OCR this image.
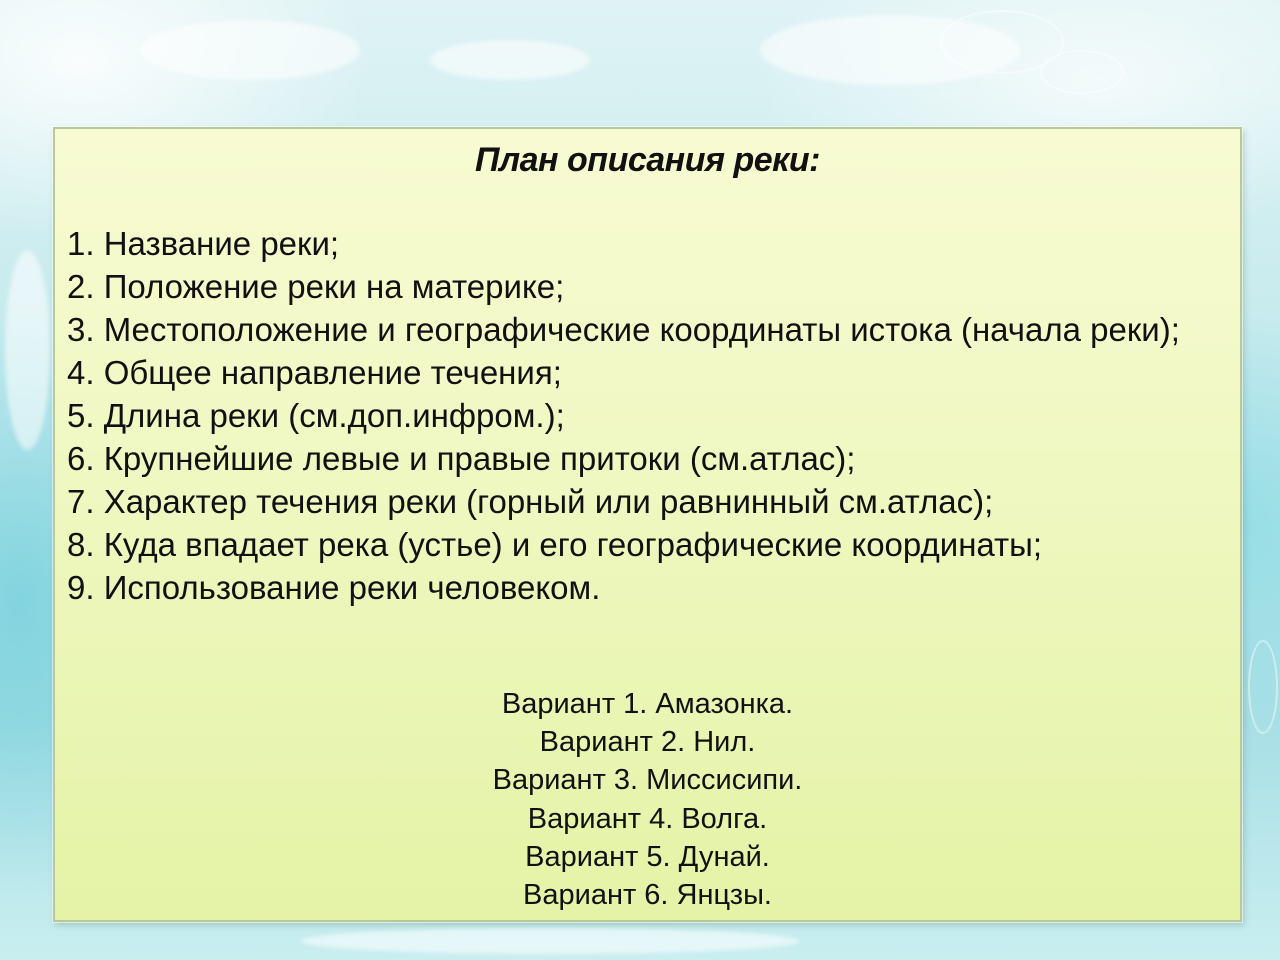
План описания реки:
1. Название реки;
2. Положение реки на материке;
3. Местоположение и географические координаты истока (начала реки);
4. Общее направление течения;
5. Длина реки (см.доп.инфром.);
6. Крупнейшие левые и правые притоки (см.атлас);
7. Характер течения реки (горный или равнинный см.атлас);
8. Куда впадает река (устье) и его географические координаты;
9. Использование реки человеком.
Вариант 1. Амазонка.
Вариант 2. Нил.
Вариант 3. Миссисипи.
Вариант 4. Волга.
Вариант 5. Дунай.
Вариант 6. Янцзы.
